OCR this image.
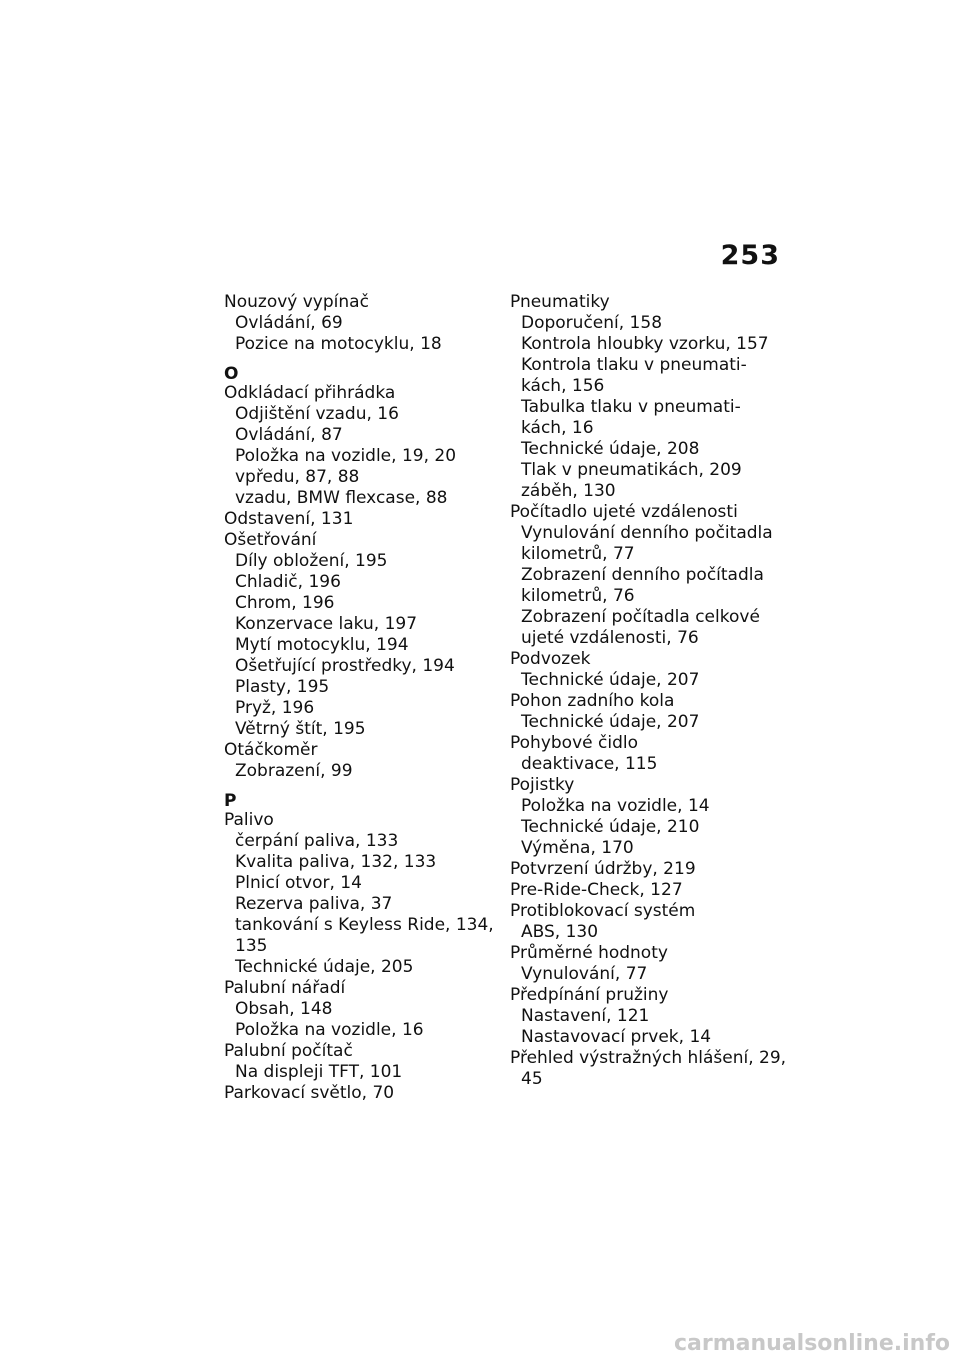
253
Nouzový vypínač
Ovládání, 69
Pozice na motocyklu, 18
O
Odkládací přihrádka
Odjištění vzadu, 16
Ovládání, 87
Položka na vozidle, 19, 20
vpředu, 87, 88
vzadu, BMW flexcase, 88
Odstavení, 131
Ošetřování
Díly obložení, 195
Chladič, 196
Chrom, 196
Konzervace laku, 197
Mytí motocyklu, 194
Ošetřující prostředky, 194
Plasty, 195
Pryž, 196
Větrný štít, 195
Otáčkoměr
Zobrazení, 99
P
Palivo
čerpání paliva, 133
Kvalita paliva, 132, 133
Plnicí otvor, 14
Rezerva paliva, 37
tankování s Keyless Ride, 134,
135
Technické údaje, 205
Palubní nářadí
Obsah, 148
Položka na vozidle, 16
Palubní počítač
Na displeji TFT, 101
Parkovací světlo, 70
Pneumatiky
Doporučení, 158
Kontrola hloubky vzorku, 157
Kontrola tlaku v pneumati-
kách, 156
Tabulka tlaku v pneumati-
kách, 16
Technické údaje, 208
Tlak v pneumatikách, 209
záběh, 130
Počítadlo ujeté vzdálenosti
Vynulování denního počitadla
kilometrů, 77
Zobrazení denního počítadla
kilometrů, 76
Zobrazení počítadla celkové
ujeté vzdálenosti, 76
Podvozek
Technické údaje, 207
Pohon zadního kola
Technické údaje, 207
Pohybové čidlo
deaktivace, 115
Pojistky
Položka na vozidle, 14
Technické údaje, 210
Výměna, 170
Potvrzení údržby, 219
Pre-Ride-Check, 127
Protiblokovací systém
ABS, 130
Průměrné hodnoty
Vynulování, 77
Předpínání pružiny
Nastavení, 121
Nastavovací prvek, 14
Přehled výstražných hlášení, 29,
45
carmanualsonline.info
